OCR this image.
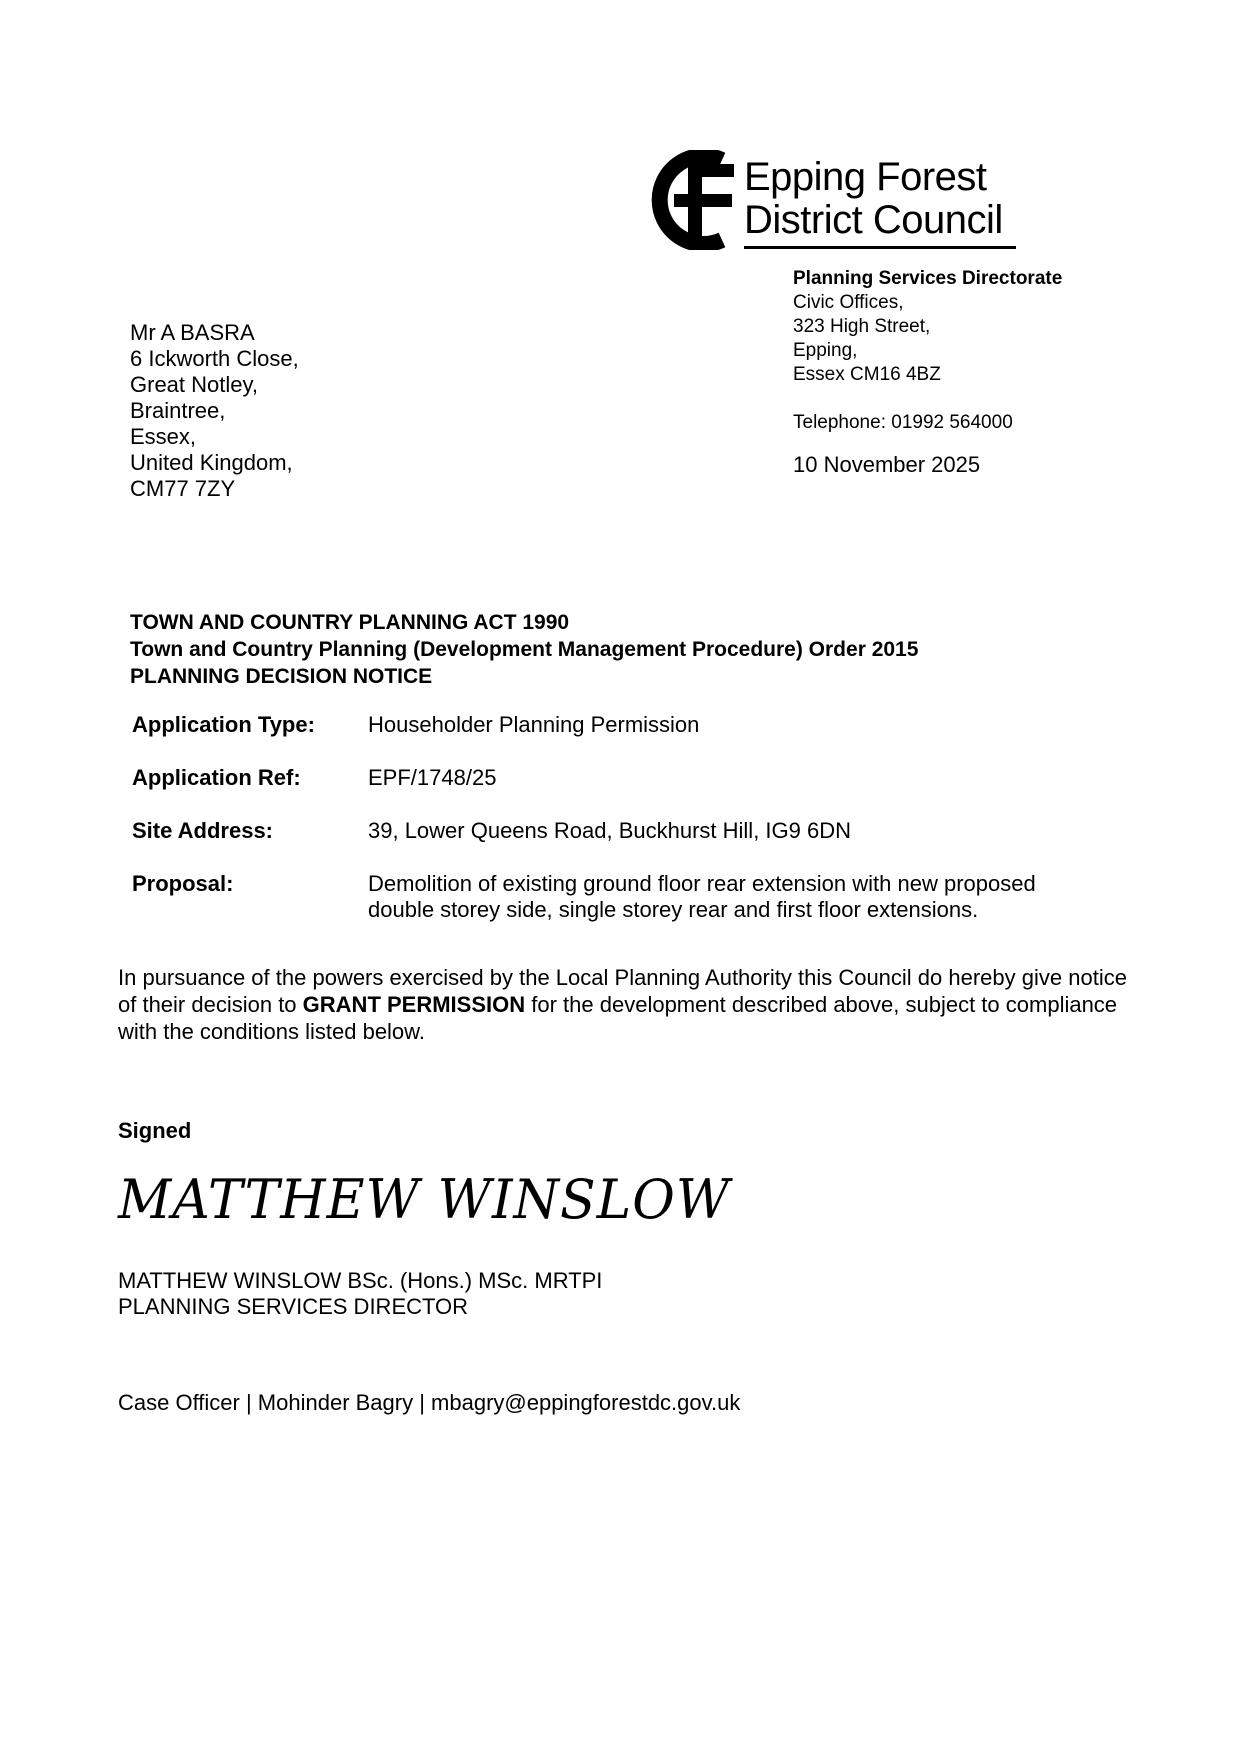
Epping Forest
District Council
Planning Services Directorate
Civic Offices,
323 High Street,
Epping,
Essex CM16 4BZ
Telephone: 01992 564000
10 November 2025
Mr A BASRA
6 Ickworth Close,
Great Notley,
Braintree,
Essex,
United Kingdom,
CM77 7ZY
TOWN AND COUNTRY PLANNING ACT 1990
Town and Country Planning (Development Management Procedure) Order 2015
PLANNING DECISION NOTICE
Application Type:	Householder Planning Permission
Application Ref:	EPF/1748/25
Site Address:	39, Lower Queens Road, Buckhurst Hill, IG9 6DN
Proposal:	Demolition of existing ground floor rear extension with new proposed double storey side, single storey rear and first floor extensions.
In pursuance of the powers exercised by the Local Planning Authority this Council do hereby give notice of their decision to GRANT PERMISSION for the development described above, subject to compliance with the conditions listed below.
Signed
MATTHEW WINSLOW
MATTHEW WINSLOW BSc. (Hons.) MSc. MRTPI
PLANNING SERVICES DIRECTOR
Case Officer | Mohinder Bagry | mbagry@eppingforestdc.gov.uk
